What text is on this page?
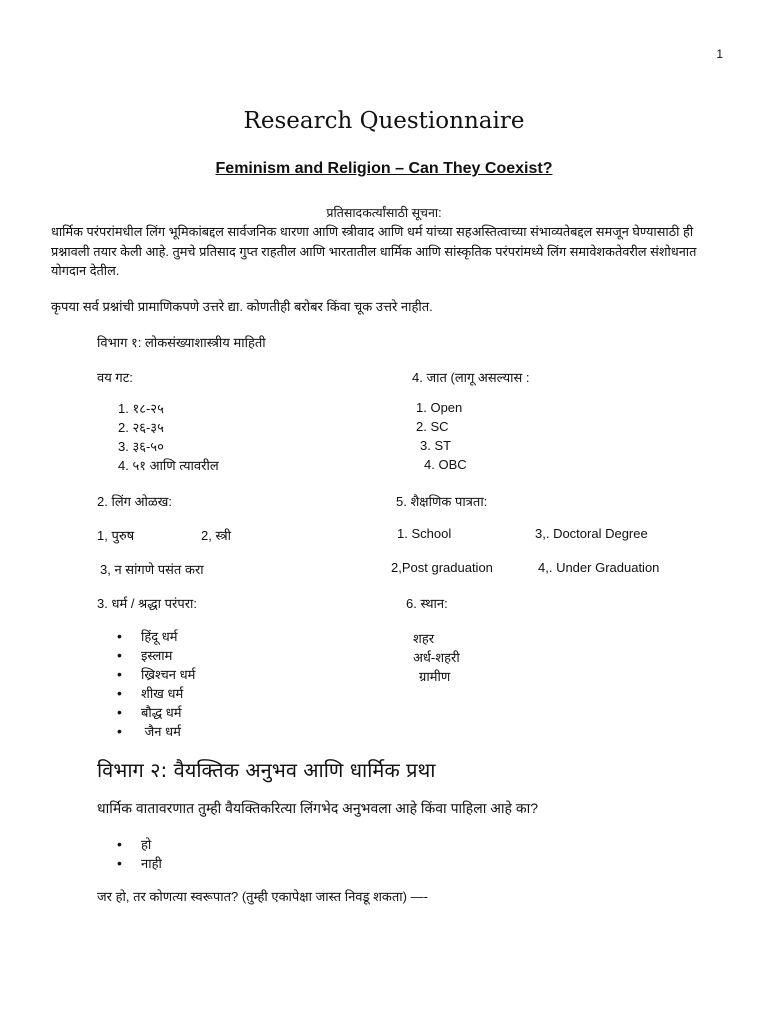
1
Research Questionnaire
Feminism and Religion – Can They Coexist?
प्रतिसादकर्त्यांसाठी सूचना:
धार्मिक परंपरांमधील लिंग भूमिकांबद्दल सार्वजनिक धारणा आणि स्त्रीवाद आणि धर्म यांच्या सहअस्तित्वाच्या संभाव्यतेबद्दल समजून घेण्यासाठी ही प्रश्नावली तयार केली आहे. तुमचे प्रतिसाद गुप्त राहतील आणि भारतातील धार्मिक आणि सांस्कृतिक परंपरांमध्ये लिंग समावेशकतेवरील संशोधनात योगदान देतील.
कृपया सर्व प्रश्नांची प्रामाणिकपणे उत्तरे द्या. कोणतीही बरोबर किंवा चूक उत्तरे नाहीत.
विभाग १: लोकसंख्याशास्त्रीय माहिती
वय गट:
1. १८-२५
2. २६-३५
3. ३६-५०
4. ५१ आणि त्यावरील
4. जात (लागू असल्यास :
1. Open
2. SC
3. ST
4. OBC
2. लिंग ओळख:
1, पुरुष	2, स्त्री
3, न सांगणे पसंत करा
5. शैक्षणिक पात्रता:
1. School	3,. Doctoral Degree
2,Post graduation	4,. Under Graduation
3. धर्म / श्रद्धा परंपरा:
• हिंदू धर्म
• इस्लाम
• ख्रिश्चन धर्म
• शीख धर्म
• बौद्ध धर्म
• जैन धर्म
6. स्थान:
शहर
अर्ध-शहरी
ग्रामीण
विभाग २: वैयक्तिक अनुभव आणि धार्मिक प्रथा
धार्मिक वातावरणात तुम्ही वैयक्तिकरित्या लिंगभेद अनुभवला आहे किंवा पाहिला आहे का?
• हो
• नाही
जर हो, तर कोणत्या स्वरूपात? (तुम्ही एकापेक्षा जास्त निवडू शकता) —-
